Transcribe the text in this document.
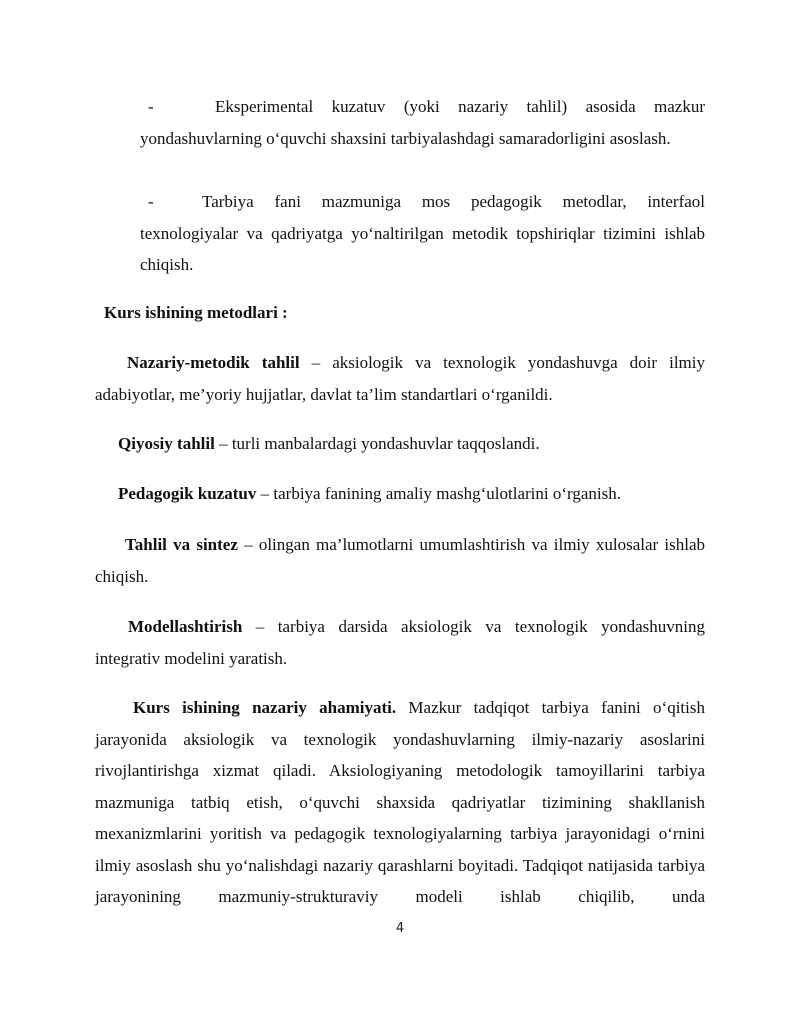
-	Eksperimental kuzatuv (yoki nazariy tahlil) asosida mazkur yondashuvlarning o‘quvchi shaxsini tarbiyalashdagi samaradorligini asoslash.
-	Tarbiya fani mazmuniga mos pedagogik metodlar, interfaol texnologiyalar va qadriyatga yo‘naltirilgan metodik topshiriqlar tizimini ishlab chiqish.
Kurs ishining metodlari :
Nazariy-metodik tahlil – aksiologik va texnologik yondashuvga doir ilmiy adabiyotlar, me’yoriy hujjatlar, davlat ta’lim standartlari o‘rganildi.
Qiyosiy tahlil – turli manbalardagi yondashuvlar taqqoslandi.
Pedagogik kuzatuv – tarbiya fanining amaliy mashg‘ulotlarini o‘rganish.
Tahlil va sintez – olingan ma’lumotlarni umumlashtirish va ilmiy xulosalar ishlab chiqish.
Modellashtirish – tarbiya darsida aksiologik va texnologik yondashuvning integrativ modelini yaratish.
Kurs ishining nazariy ahamiyati. Mazkur tadqiqot tarbiya fanini o‘qitish jarayonida aksiologik va texnologik yondashuvlarning ilmiy-nazariy asoslarini rivojlantirishga xizmat qiladi. Aksiologiyaning metodologik tamoyillarini tarbiya mazmuniga tatbiq etish, o‘quvchi shaxsida qadriyatlar tizimining shakllanish mexanizmlarini yoritish va pedagogik texnologiyalarning tarbiya jarayonidagi o‘rnini ilmiy asoslash shu yo‘nalishdagi nazariy qarashlarni boyitadi. Tadqiqot natijasida tarbiya jarayonining mazmuniy-strukturaviy modeli ishlab chiqilib, unda
4
